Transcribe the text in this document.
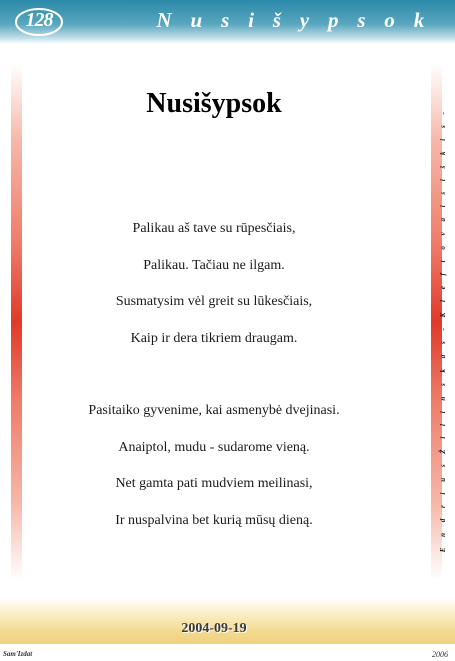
128	N u s i š y p s o k
E n d r i u s Ž i l i n s k a s - K l e f t o v a i s i š k i s -
Nusišypsok
Palikau aš tave su rūpesčiais,
Palikau. Tačiau ne ilgam.
Susmatysim vėl greit su lūkesčiais,
Kaip ir dera tikriem draugam.
Pasitaiko gyvenime, kai asmenybė dvejinasi.
Anaiptol, mudu - sudarome vieną.
Net gamta pati mudviem meilinasi,
Ir nuspalvina bet kurią mūsų dieną.
2004-09-19
Sam'Izdat	2006
